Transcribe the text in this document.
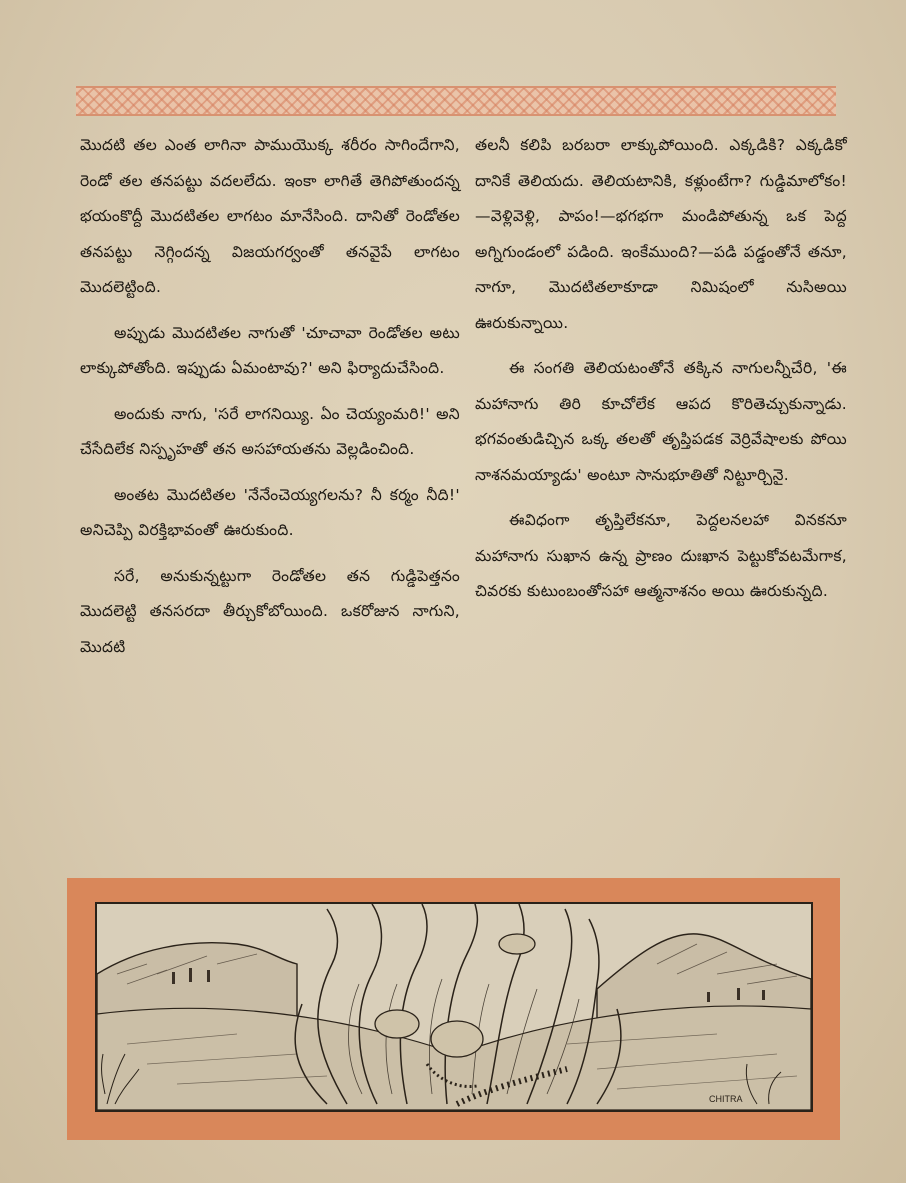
మొదటి తల ఎంత లాగినా పాముయొక్క శరీరం సాగిందేగాని, రెండో తల తనపట్టు వదలలేదు. ఇంకా లాగితే తెగిపోతుందన్న భయంకొద్దీ మొదటితల లాగటం మానేసింది. దానితో రెండోతల తనపట్టు నెగ్గిందన్న విజయగర్వంతో తనవైపే లాగటం మొదలెట్టింది.

అప్పుడు మొదటితల నాగుతో 'చూచావా రెండోతల అటు లాక్కుపోతోంది. ఇప్పుడు ఏమంటావు?' అని ఫిర్యాదుచేసింది.

అందుకు నాగు, 'సరే లాగనియ్యి. ఏం చెయ్యంమరి!' అని చేసేదిలేక నిస్పృహతో తన అసహాయతను వెల్లడించింది.

అంతట మొదటితల 'నేనేంచెయ్యగలను? నీ కర్మం నీది!' అనిచెప్పి విరక్తిభావంతో ఊరుకుంది.

సరే, అనుకున్నట్టుగా రెండోతల తన గుడ్డిపెత్తనం మొదలెట్టి తనసరదా తీర్చుకోబోయింది. ఒకరోజున నాగుని, మొదటి

తలనీ కలిపి బరబరా లాక్కుపోయింది. ఎక్కడికి? ఎక్కడికో దానికే తెలియదు. తెలియటానికి, కళ్లుంటేగా? గుడ్డిమాలోకం!—వెళ్లివెళ్లి, పాపం!—భగభగా మండిపోతున్న ఒక పెద్ద అగ్నిగుండంలో పడింది. ఇంకేముంది?—పడి పడ్డంతోనే తనూ, నాగూ, మొదటితలాకూడా నిమిషంలో నుసిఅయి ఊరుకున్నాయి.

ఈ సంగతి తెలియటంతోనే తక్కిన నాగులన్నీచేరి, 'ఈ మహానాగు తిరి కూచోలేక ఆపద కొరితెచ్చుకున్నాడు. భగవంతుడిచ్చిన ఒక్క తలతో తృప్తిపడక వెర్రివేషాలకు పోయి నాశనమయ్యాడు' అంటూ సానుభూతితో నిట్టూర్చినై.

ఈవిధంగా తృప్తిలేకనూ, పెద్దలనలహా వినకనూ మహానాగు సుఖాన ఉన్న ప్రాణం దుఃఖాన పెట్టుకోవటమేగాక, చివరకు కుటుంబంతోసహా ఆత్మనాశనం అయి ఊరుకున్నది.

CHITRA
